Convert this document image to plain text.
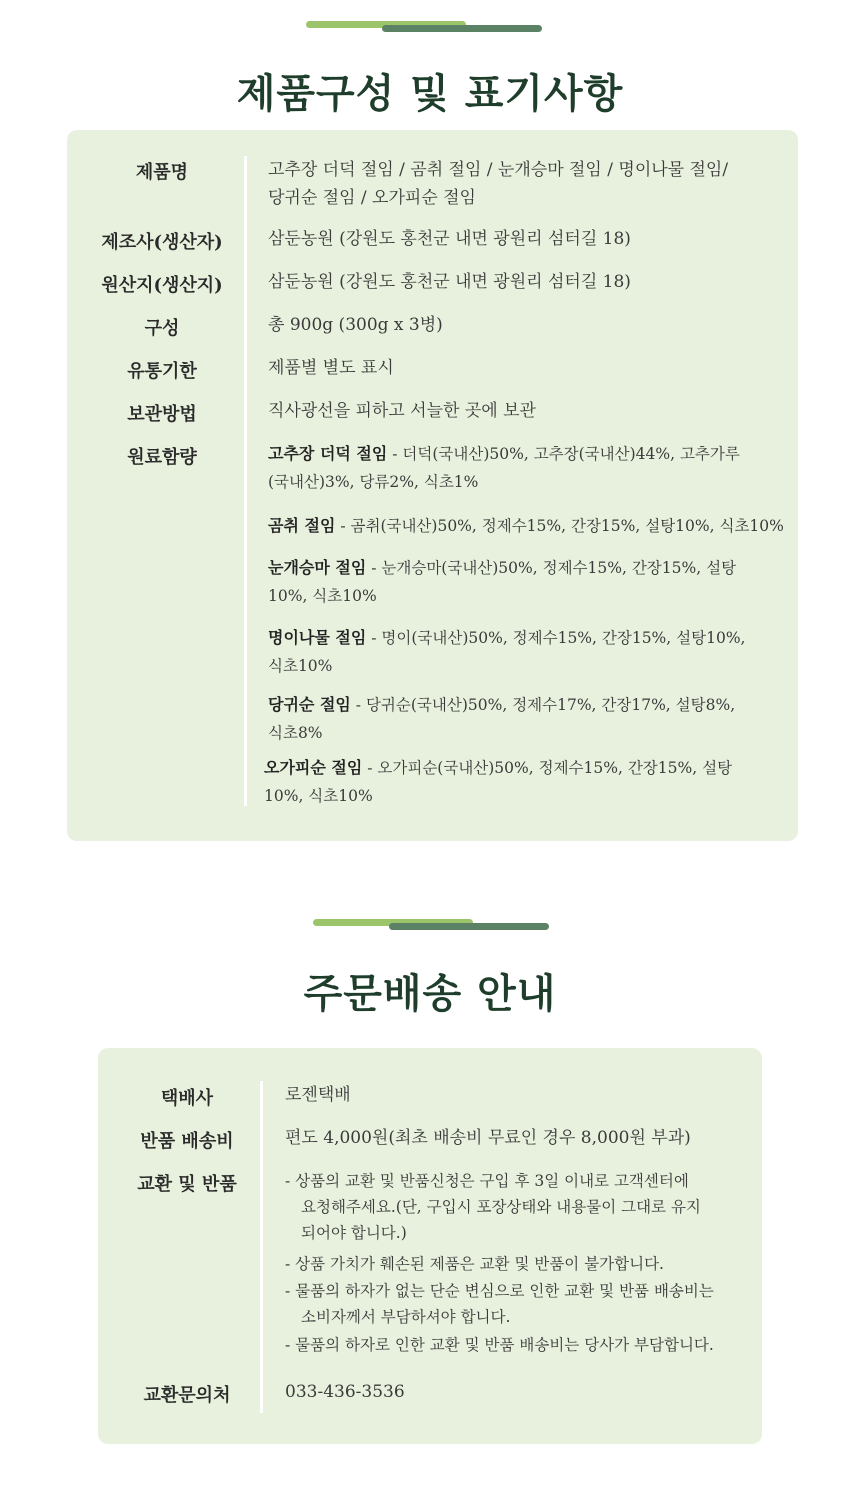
제품구성 및 표기사항
제품명	고추장 더덕 절임 / 곰취 절임 / 눈개승마 절임 / 명이나물 절임/
당귀순 절임 / 오가피순 절임
제조사(생산자)	삼둔농원 (강원도 홍천군 내면 광원리 섬터길 18)
원산지(생산지)	삼둔농원 (강원도 홍천군 내면 광원리 섬터길 18)
구성	총 900g (300g x 3병)
유통기한	제품별 별도 표시
보관방법	직사광선을 피하고 서늘한 곳에 보관
원료함량	고추장 더덕 절임 - 더덕(국내산)50%, 고추장(국내산)44%, 고추가루
(국내산)3%, 당류2%, 식초1%
곰취 절임 - 곰취(국내산)50%, 정제수15%, 간장15%, 설탕10%, 식초10%
눈개승마 절임 - 눈개승마(국내산)50%, 정제수15%, 간장15%, 설탕
10%, 식초10%
명이나물 절임 - 명이(국내산)50%, 정제수15%, 간장15%, 설탕10%,
식초10%
당귀순 절임 - 당귀순(국내산)50%, 정제수17%, 간장17%, 설탕8%,
식초8%
오가피순 절임 - 오가피순(국내산)50%, 정제수15%, 간장15%, 설탕
10%, 식초10%
주문배송 안내
택배사	로젠택배
반품 배송비	편도 4,000원(최초 배송비 무료인 경우 8,000원 부과)
교환 및 반품	- 상품의 교환 및 반품신청은 구입 후 3일 이내로 고객센터에
요청해주세요.(단, 구입시 포장상태와 내용물이 그대로 유지
되어야 합니다.)
- 상품 가치가 훼손된 제품은 교환 및 반품이 불가합니다.
- 물품의 하자가 없는 단순 변심으로 인한 교환 및 반품 배송비는
소비자께서 부담하셔야 합니다.
- 물품의 하자로 인한 교환 및 반품 배송비는 당사가 부담합니다.
교환문의처	033-436-3536
